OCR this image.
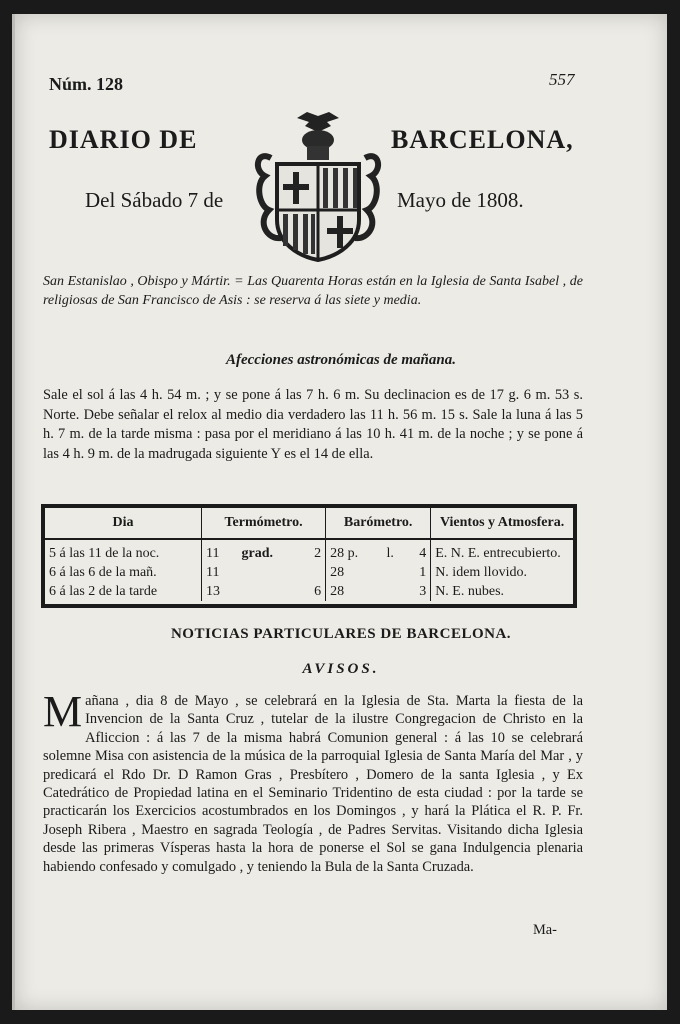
Núm. 128	557
DIARIO DE	BARCELONA,
Del Sábado 7 de	Mayo de 1808.
San Estanislao , Obispo y Mártir. = Las Quarenta Horas están en la Iglesia de Santa Isabel , de religiosas de San Francisco de Asis : se reserva á las siete y media.
Afecciones astronómicas de mañana.
Sale el sol á las 4 h. 54 m. ; y se pone á las 7 h. 6 m. Su declinacion es de 17 g. 6 m. 53 s. Norte. Debe señalar el relox al medio dia verdadero las 11 h. 56 m. 15 s. Sale la luna á las 5 h. 7 m. de la tarde misma : pasa por el meridiano á las 10 h. 41 m. de la noche ; y se pone á las 4 h. 9 m. de la madrugada siguiente Y es el 14 de ella.
Dia	Termómetro.			Barómetro.			Vientos y Atmosfera.
5 á las 11 de la noc.	11	grad.	2	28 p.	l.	4	E. N. E. entrecubierto.
6 á las 6 de la mañ.	11			28		1	N. idem llovido.
6 á las 2 de la tarde	13		6	28		3	N. E. nubes.
NOTICIAS PARTICULARES DE BARCELONA.
AVISOS.
Mañana , dia 8 de Mayo , se celebrará en la Iglesia de Sta. Marta la fiesta de la Invencion de la Santa Cruz , tutelar de la ilustre Congregacion de Christo en la Afliccion : á las 7 de la misma habrá Comunion general : á las 10 se celebrará solemne Misa con asistencia de la música de la parroquial Iglesia de Santa María del Mar , y predicará el Rdo Dr. D Ramon Gras , Presbítero , Domero de la santa Iglesia , y Ex Catedrático de Propiedad latina en el Seminario Tridentino de esta ciudad : por la tarde se practicarán los Exercicios acostumbrados en los Domingos , y hará la Plática el R. P. Fr. Joseph Ribera , Maestro en sagrada Teología , de Padres Servitas. Visitando dicha Iglesia desde las primeras Vísperas hasta la hora de ponerse el Sol se gana Indulgencia plenaria habiendo confesado y comulgado , y teniendo la Bula de la Santa Cruzada.
Ma-
